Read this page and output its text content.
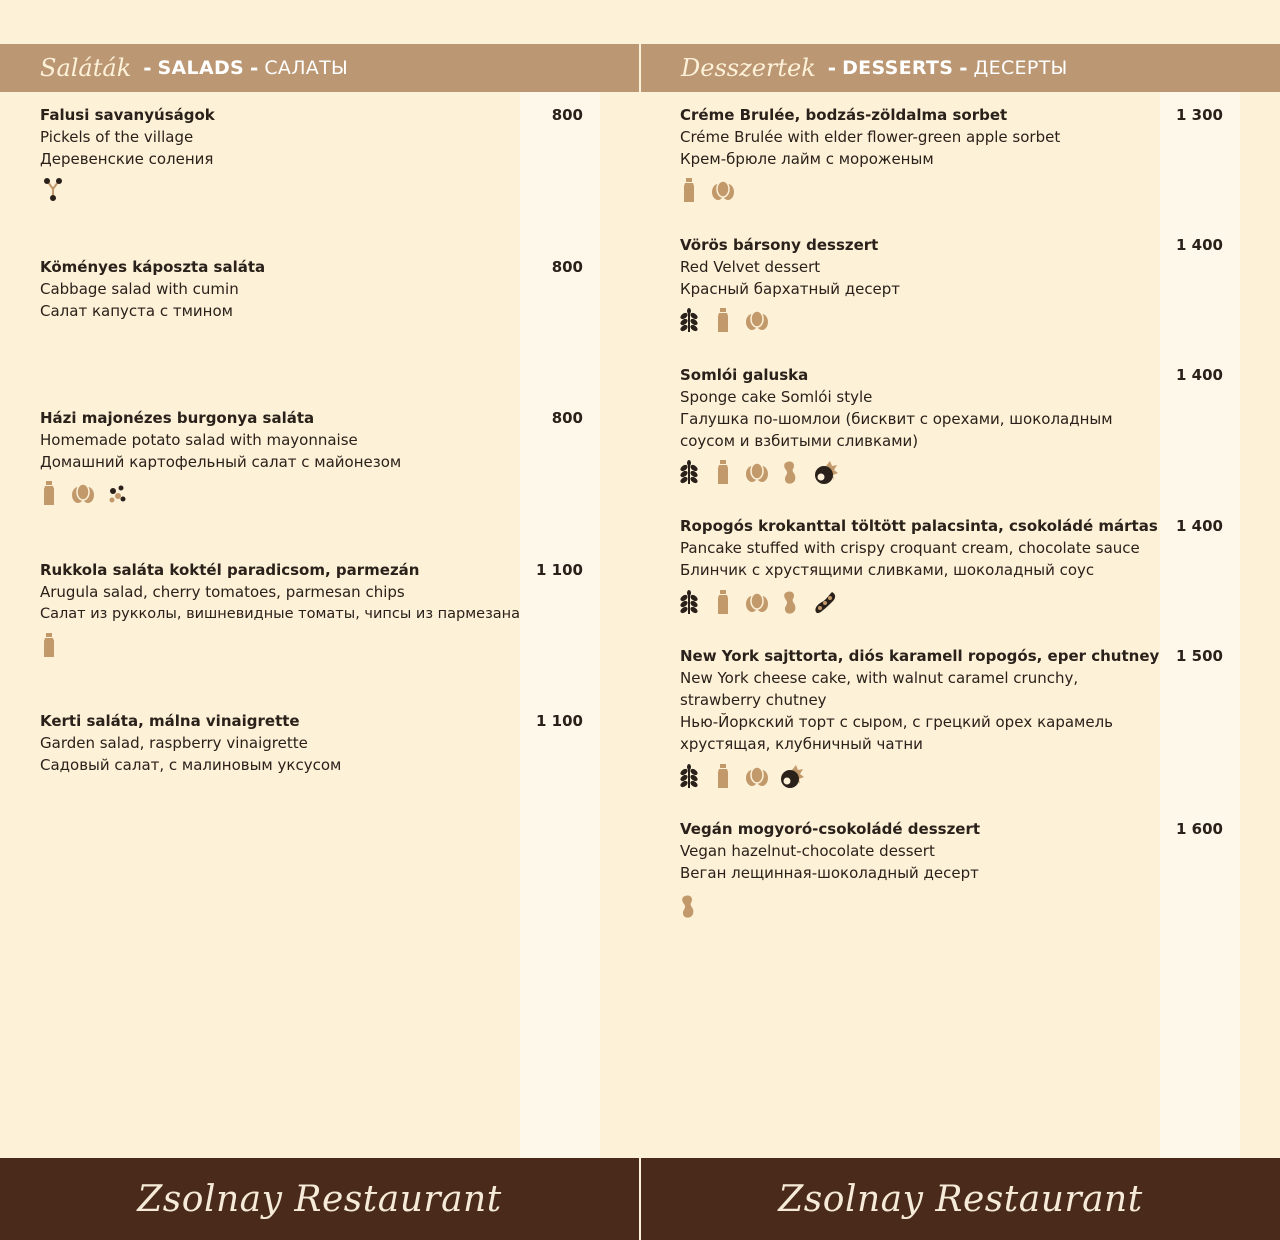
Saláták - SALADS - САЛАТЫ	Desszertek - DESSERTS - ДЕСЕРТЫ
Falusi savanyúságok
Pickels of the village
Деревенские соления
800
Köményes káposzta saláta
Cabbage salad with cumin
Салат капуста с тмином
800
Házi majonézes burgonya saláta
Homemade potato salad with mayonnaise
Домашний картофельный салат с майонезом
800
Rukkola saláta koktél paradicsom, parmezán
Arugula salad, cherry tomatoes, parmesan chips
Салат из рукколы, вишневидные томаты, чипсы из пармезана
1 100
Kerti saláta, málna vinaigrette
Garden salad, raspberry vinaigrette
Садовый салат, с малиновым уксусом
1 100
Créme Brulée, bodzás-zöldalma sorbet
Créme Brulée with elder flower-green apple sorbet
Крем-брюле лайм с мороженым
1 300
Vörös bársony desszert
Red Velvet dessert
Красный бархатный десерт
1 400
Somlói galuska
Sponge cake Somlói style
Галушка по-шомлои (бисквит с орехами, шоколадным
соусом и взбитыми сливками)
1 400
Ropogós krokanttal töltött palacsinta, csokoládé mártas
Pancake stuffed with crispy croquant cream, chocolate sauce
Блинчик с хрустящими сливками, шоколадный соус
1 400
New York sajttorta, diós karamell ropogós, eper chutney
New York cheese cake, with walnut caramel crunchy,
strawberry chutney
Нью-Йоркский торт с сыром, с грецкий орех карамель
хрустящая, клубничный чатни
1 500
Vegán mogyoró-csokoládé desszert
Vegan hazelnut-chocolate dessert
Веган лещинная-шоколадный десерт
1 600
Zsolnay Restaurant	Zsolnay Restaurant
